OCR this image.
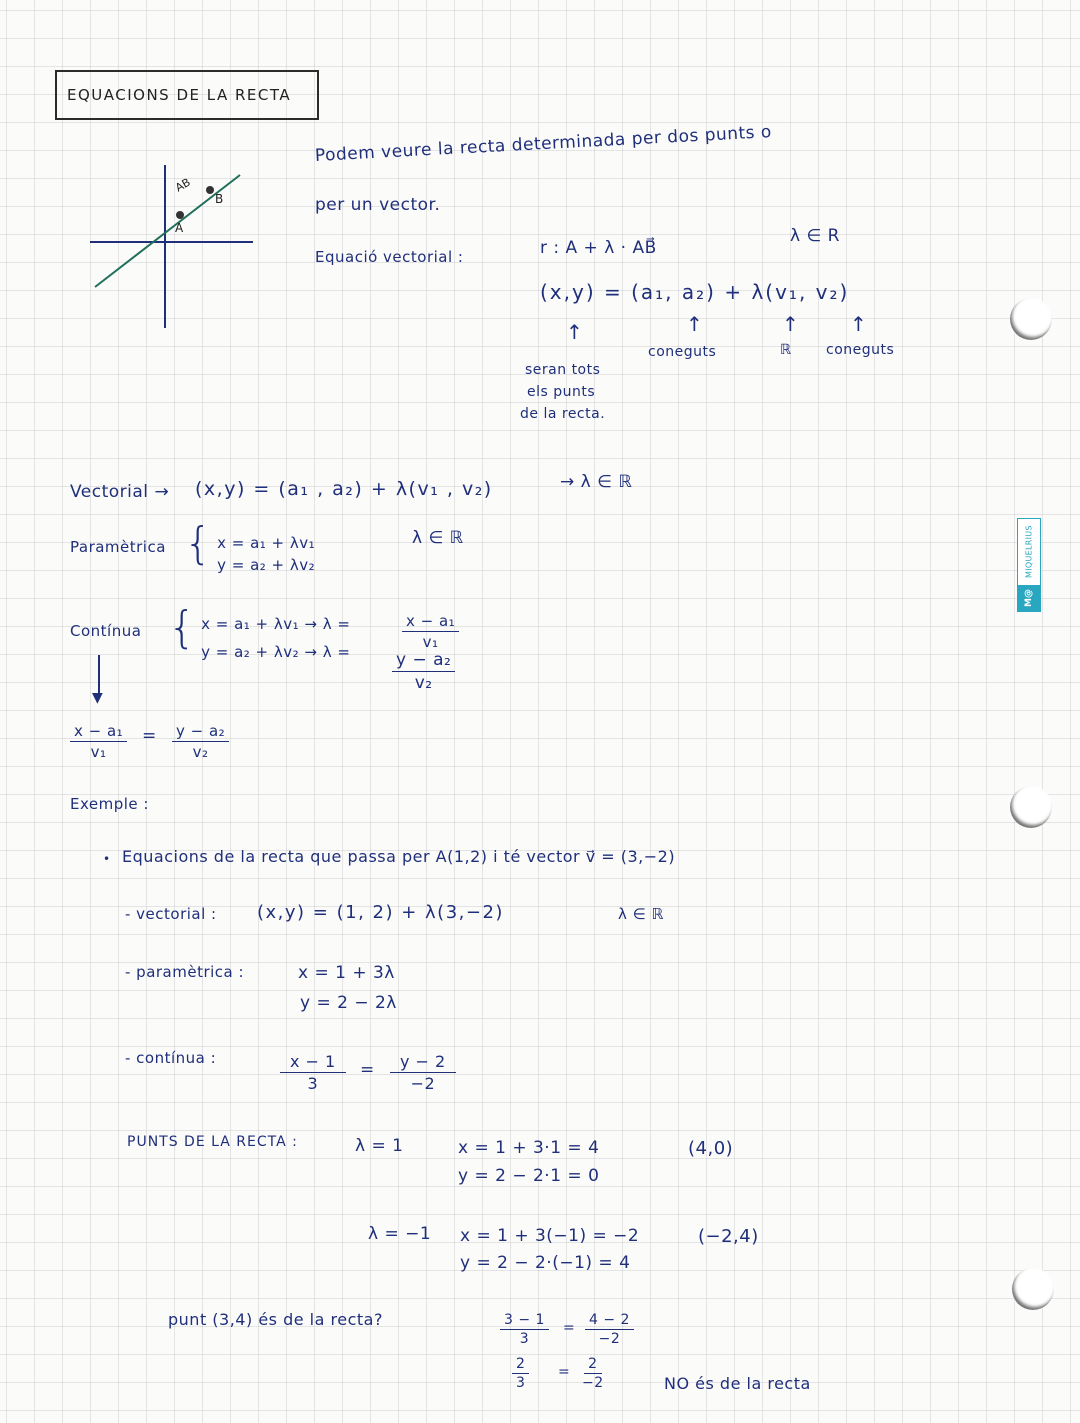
EQUACIONS DE LA RECTA
A
B
AB
Podem veure la recta determinada per dos punts o
per un vector.
Equació vectorial :	r : A + λ · AB⃗
λ ∈ R
(x,y) = (a₁, a₂) + λ(v₁, v₂)
↑	↑	↑	↑
seran tots
els punts
de la recta.
coneguts	ℝ coneguts
Vectorial → (x,y) = (a₁ , a₂) + λ(v₁ , v₂)	→ λ ∈ ℝ
Paramètrica { x = a₁ + λv₁
y = a₂ + λv₂
λ ∈ ℝ
Contínua { x = a₁ + λv₁ → λ =
y = a₂ + λv₂ → λ =
$\frac{\text{x − a₁}}{\text{v₁}}$
$\frac{\text{y − a₂}}{\text{v₂}}$
▼
$\frac{\text{x − a₁}}{\text{v₁}} = \frac{\text{y − a₂}}{\text{v₂}}$
Exemple :
• Equacions de la recta que passa per A(1,2) i té vector v⃗ = (3,−2)
- vectorial : (x,y) = (1, 2) + λ(3,−2)	λ ∈ ℝ
- paramètrica :	x = 1 + 3λ
y = 2 − 2λ
- contínua :	$\frac{x - 1}{3} = \frac{y - 2}{-2}$
PUNTS DE LA RECTA :	λ = 1	x = 1 + 3·1 = 4
y = 2 − 2·1 = 0
(4,0)
λ = −1 x = 1 + 3(−1) = −2
y = 2 − 2·(−1) = 4
(−2,4)
punt (3,4) és de la recta?	$\frac{3 - 1}{3} = \frac{4 - 2}{-2}$
$\frac{2}{3} = \frac{2}{-2}$	NO és de la recta
MIQUELRIUS
M@
